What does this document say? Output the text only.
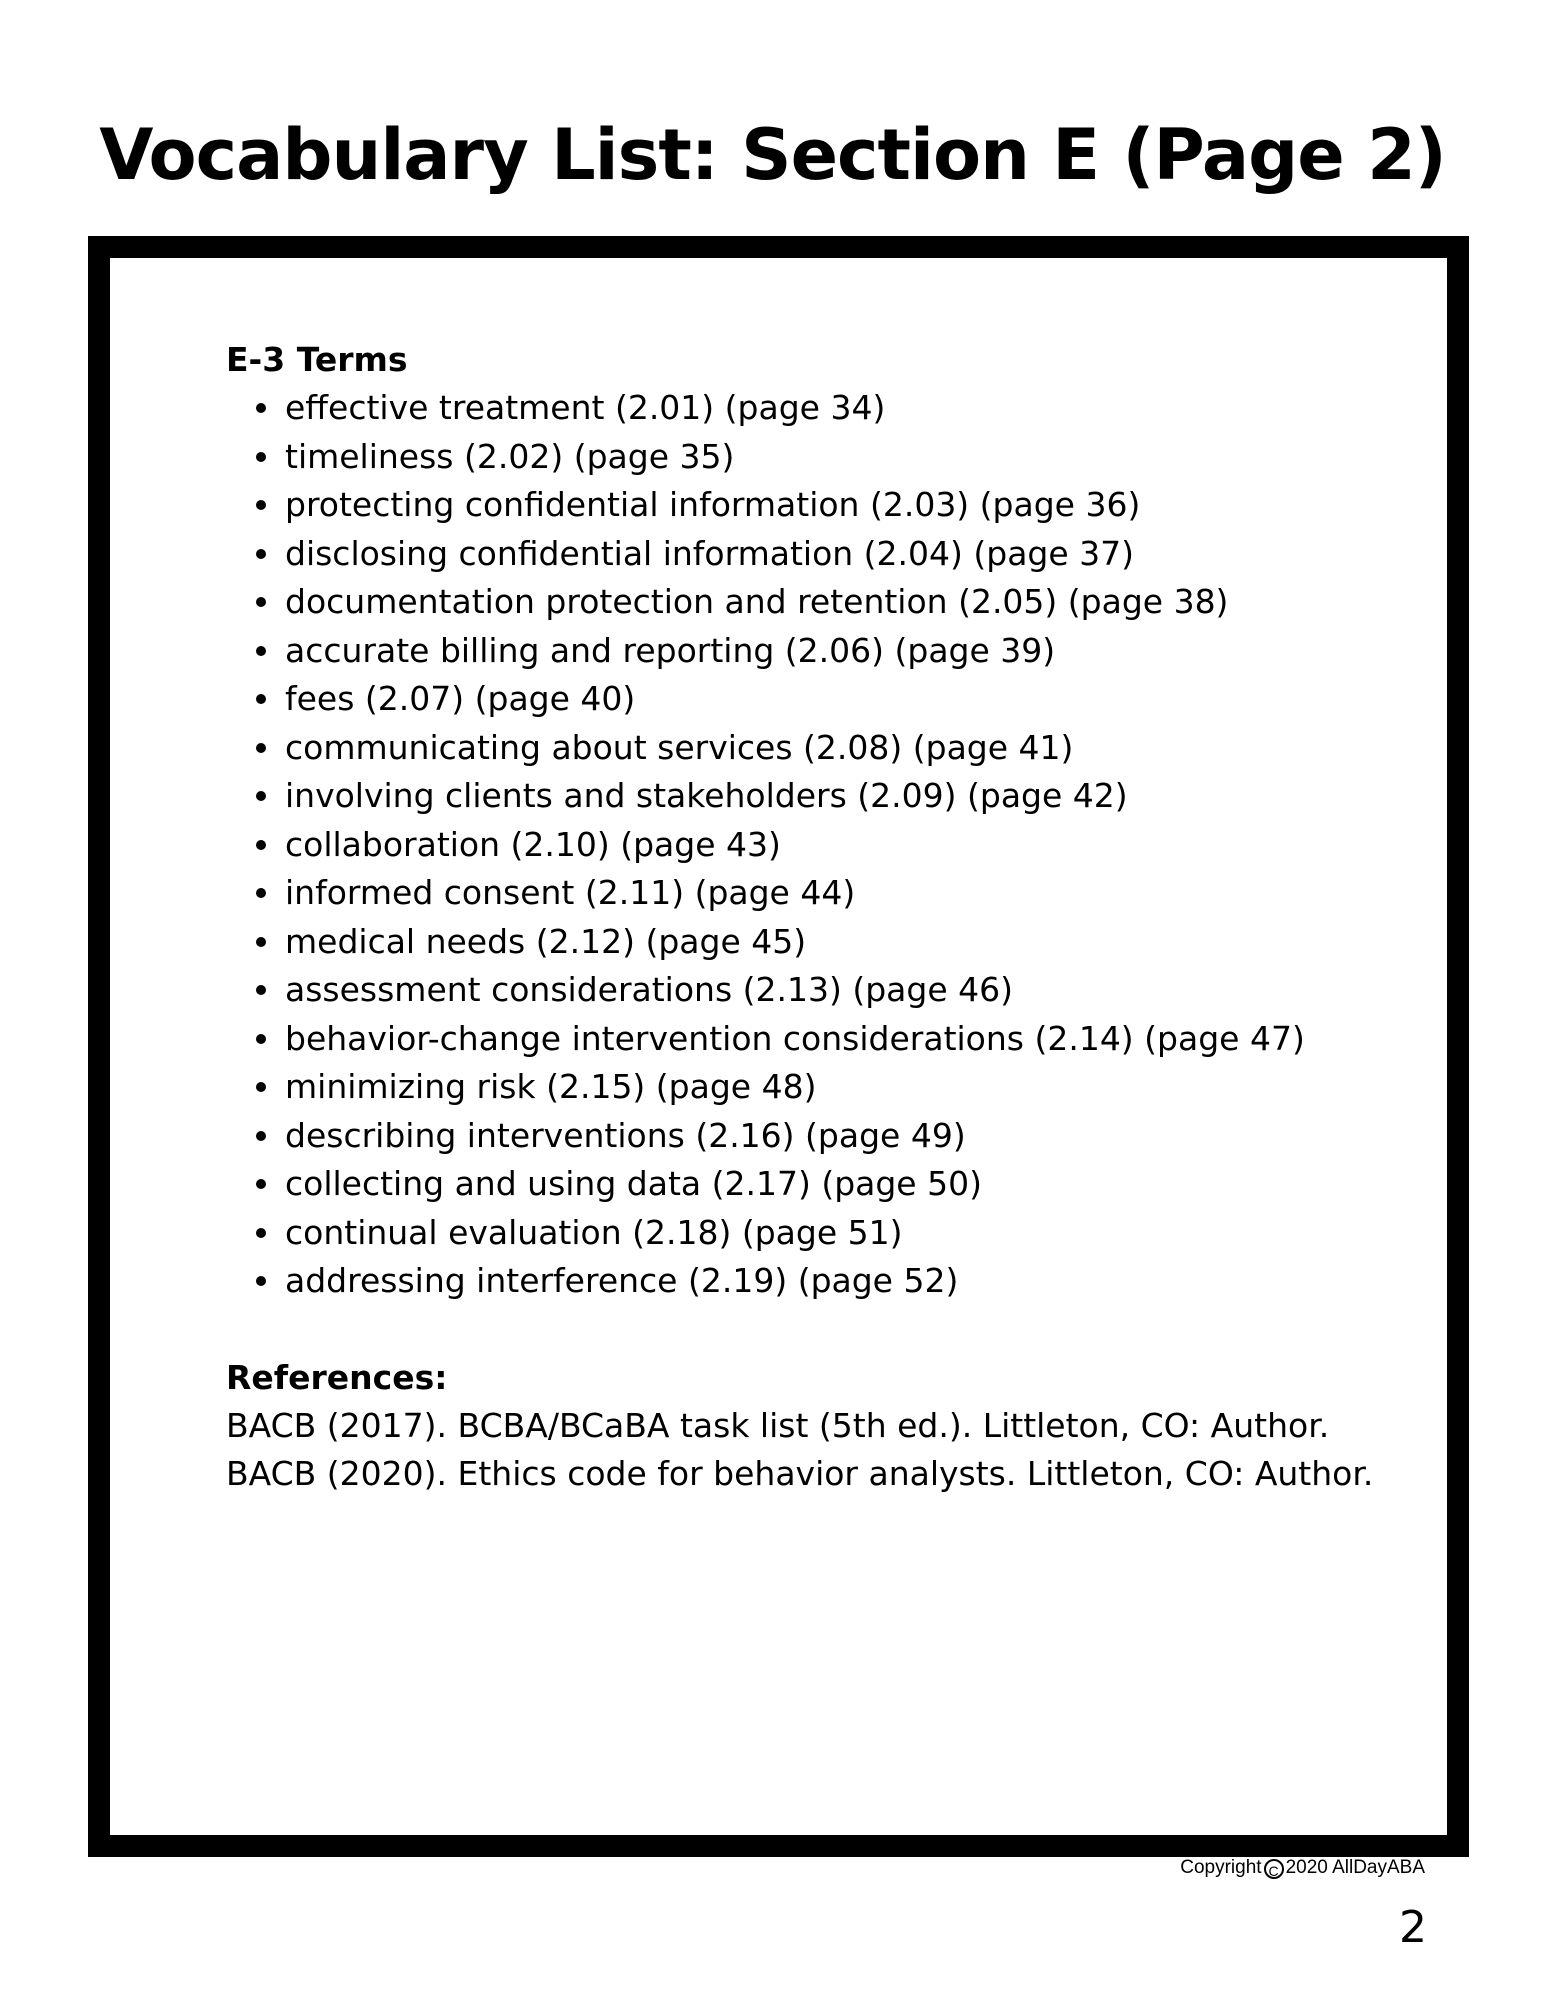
Vocabulary List: Section E (Page 2)

E-3 Terms

effective treatment (2.01) (page 34)
timeliness (2.02) (page 35)
protecting confidential information (2.03) (page 36)
disclosing confidential information (2.04) (page 37)
documentation protection and retention (2.05) (page 38)
accurate billing and reporting (2.06) (page 39)
fees (2.07) (page 40)
communicating about services (2.08) (page 41)
involving clients and stakeholders (2.09) (page 42)
collaboration (2.10) (page 43)
informed consent (2.11) (page 44)
medical needs (2.12) (page 45)
assessment considerations (2.13) (page 46)
behavior-change intervention considerations (2.14) (page 47)
minimizing risk (2.15) (page 48)
describing interventions (2.16) (page 49)
collecting and using data (2.17) (page 50)
continual evaluation (2.18) (page 51)
addressing interference (2.19) (page 52)

References:

BACB (2017). BCBA/BCaBA task list (5th ed.). Littleton, CO: Author.
BACB (2020). Ethics code for behavior analysts. Littleton, CO: Author.
Copyright C 2020 AllDayABA
2
